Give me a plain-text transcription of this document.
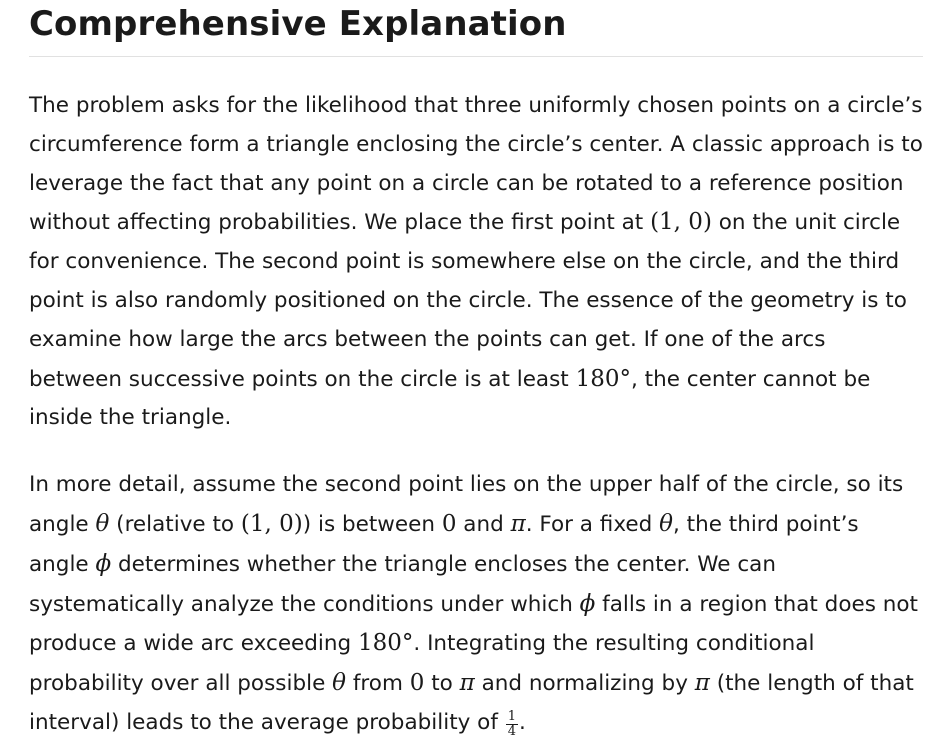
Comprehensive Explanation

The problem asks for the likelihood that three uniformly chosen points on a circle’s circumference form a triangle enclosing the circle’s center. A classic approach is to leverage the fact that any point on a circle can be rotated to a reference position without affecting probabilities. We place the first point at (1, 0) on the unit circle for convenience. The second point is somewhere else on the circle, and the third point is also randomly positioned on the circle. The essence of the geometry is to examine how large the arcs between the points can get. If one of the arcs between successive points on the circle is at least 180°, the center cannot be inside the triangle.

In more detail, assume the second point lies on the upper half of the circle, so its angle θ (relative to (1, 0)) is between 0 and π. For a fixed θ, the third point’s angle ϕ determines whether the triangle encloses the center. We can systematically analyze the conditions under which ϕ falls in a region that does not produce a wide arc exceeding 180°. Integrating the resulting conditional probability over all possible θ from 0 to π and normalizing by π (the length of that interval) leads to the average probability of $\frac{1}{4}$ .
